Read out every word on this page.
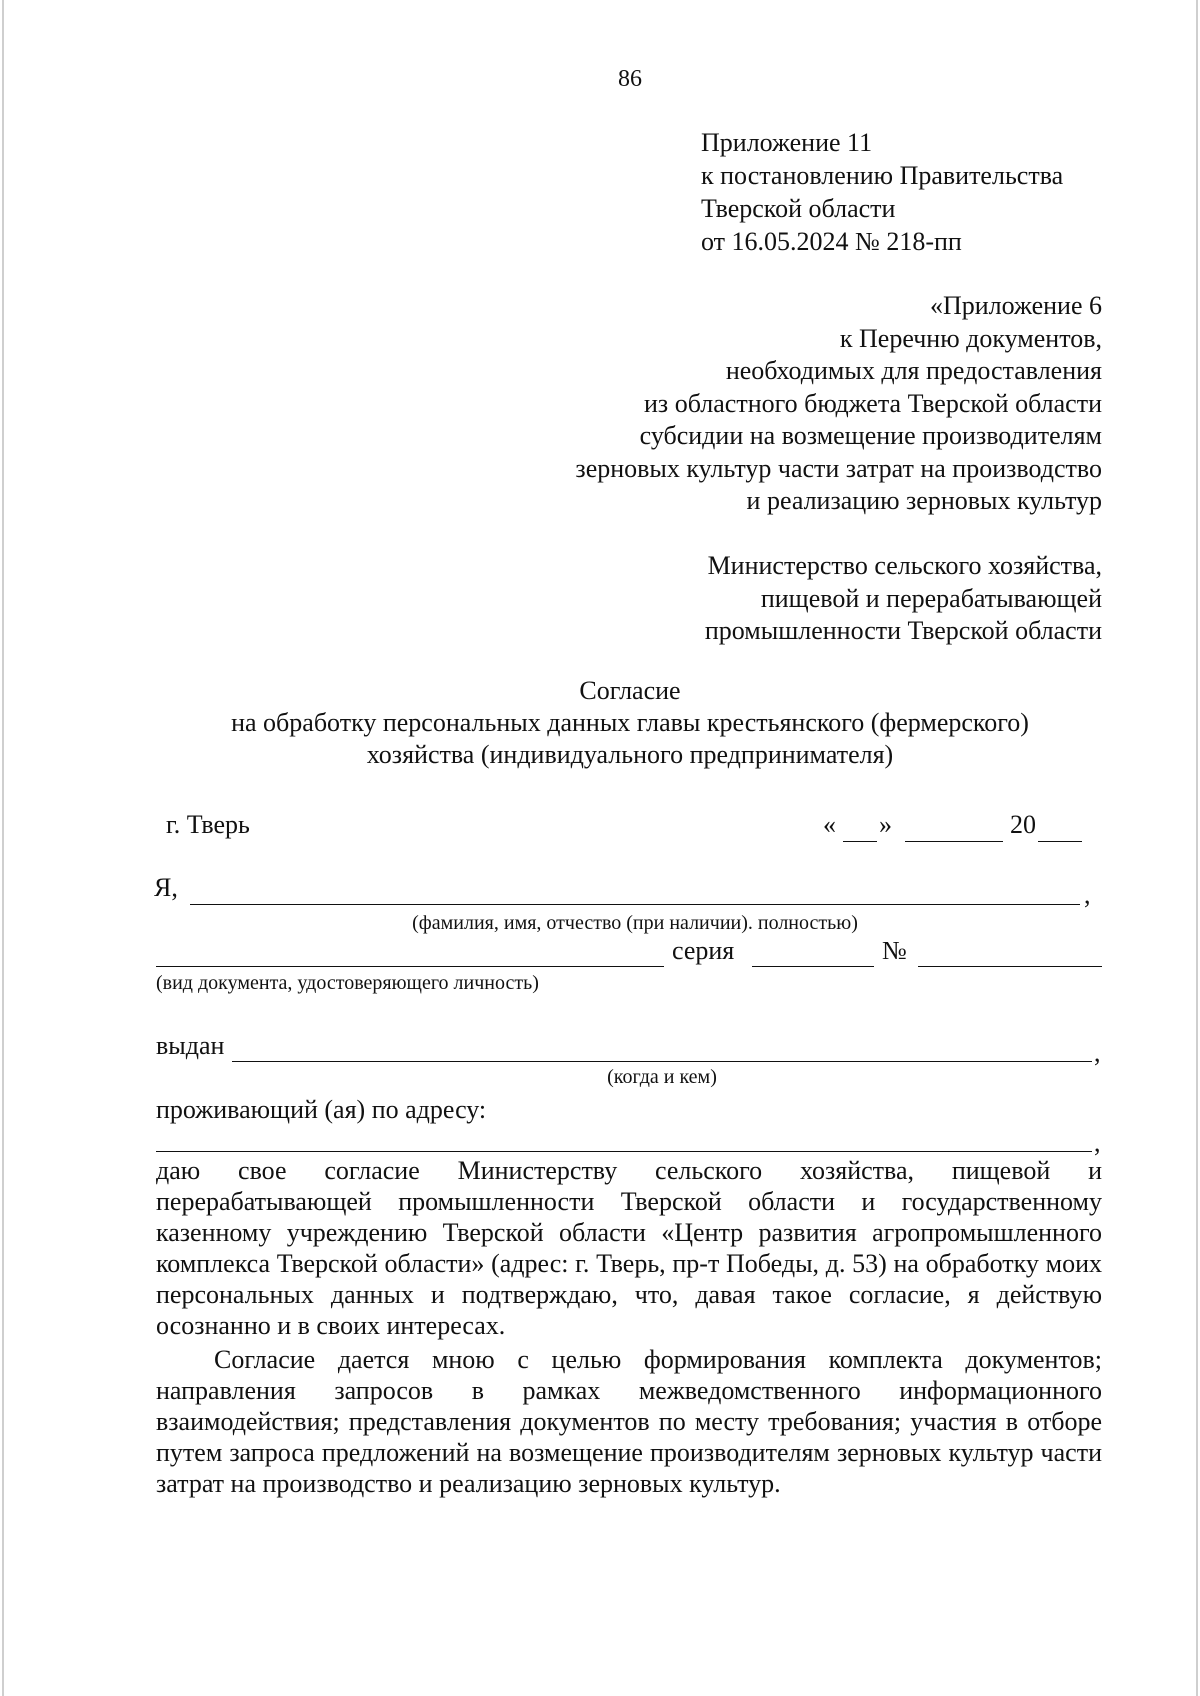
86
Приложение 11
к постановлению Правительства
Тверской области
от 16.05.2024 № 218-пп
«Приложение 6
к Перечню документов,
необходимых для предоставления
из областного бюджета Тверской области
субсидии на возмещение производителям
зерновых культур части затрат на производство
и реализацию зерновых культур
Министерство сельского хозяйства,
пищевой и перерабатывающей
промышленности Тверской области
Согласие
на обработку персональных данных главы крестьянского (фермерского)
хозяйства (индивидуального предпринимателя)
г. Тверь	« »	20
Я,	,
(фамилия, имя, отчество (при наличии). полностью)
серия	№
(вид документа, удостоверяющего личность)
выдан	,
(когда и кем)
проживающий (ая) по адресу:
,

даю свое согласие Министерству сельского хозяйства, пищевой и перерабатывающей промышленности Тверской области и государственному казенному учреждению Тверской области «Центр развития агропромышленного комплекса Тверской области» (адрес: г. Тверь, пр-т Победы, д. 53) на обработку моих персональных данных и подтверждаю, что, давая такое согласие, я действую осознанно и в своих интересах.

Согласие дается мною с целью формирования комплекта документов; направления запросов в рамках межведомственного информационного взаимодействия; представления документов по месту требования; участия в отборе путем запроса предложений на возмещение производителям зерновых культур части затрат на производство и реализацию зерновых культур.
